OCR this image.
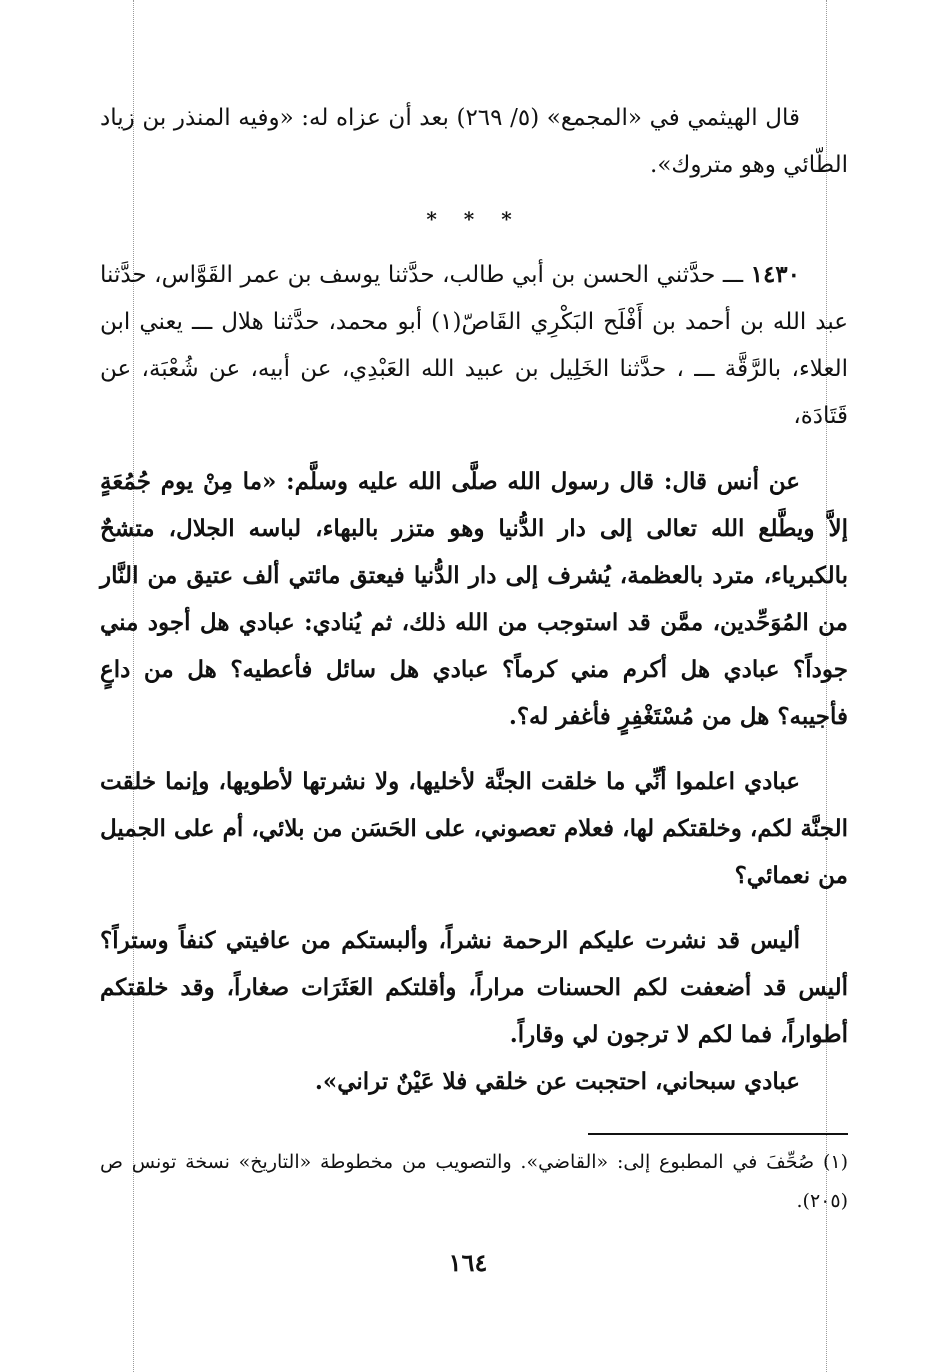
قال الهيثمي في «المجمع» (٥/ ٢٦٩) بعد أن عزاه له: «وفيه المنذر بن زياد الطّائي وهو متروك».

* * *

١٤٣٠ ـــ حدَّثني الحسن بن أبي طالب، حدَّثنا يوسف بن عمر القَوَّاس، حدَّثنا عبد الله بن أحمد بن أَفْلَح البَكْرِي القَاصّ(١) أبو محمد، حدَّثنا هلال ـــ يعني ابن العلاء، بالرَّقَّة ـــ ، حدَّثنا الخَلِيل بن عبيد الله العَبْدِي، عن أبيه، عن شُعْبَة، عن قَتَادَة،

عن أنس قال: قال رسول الله صلَّى الله عليه وسلَّم: «ما مِنْ يوم جُمُعَةٍ إلاَّ ويطَّلع الله تعالى إلى دار الدُّنيا وهو متزر بالبهاء، لباسه الجلال، متشحٌ بالكبرياء، مترد بالعظمة، يُشرف إلى دار الدُّنيا فيعتق مائتي ألف عتيق من النَّار من المُوَحِّدين، ممَّن قد استوجب من الله ذلك، ثم يُنادي: عبادي هل أجود مني جوداً؟ عبادي هل أكرم مني كرماً؟ عبادي هل سائل فأعطيه؟ هل من داعٍ فأجيبه؟ هل من مُسْتَغْفِرٍ فأغفر له؟.

عبادي اعلموا أنِّي ما خلقت الجنَّة لأخليها، ولا نشرتها لأطويها، وإنما خلقت الجنَّة لكم، وخلقتكم لها، فعلام تعصوني، على الحَسَن من بلائي، أم على الجميل من نعمائي؟

أليس قد نشرت عليكم الرحمة نشراً، وألبستكم من عافيتي كنفاً وستراً؟ أليس قد أضعفت لكم الحسنات مراراً، وأقلتكم العَثَرَات صغاراً، وقد خلقتكم أطواراً، فما لكم لا ترجون لي وقاراً.

عبادي سبحاني، احتجبت عن خلقي فلا عَيْنٌ تراني».

(١) صُحِّفَ في المطبوع إلى: «القاضي». والتصويب من مخطوطة «التاريخ» نسخة تونس ص (٢٠٥).
١٦٤
